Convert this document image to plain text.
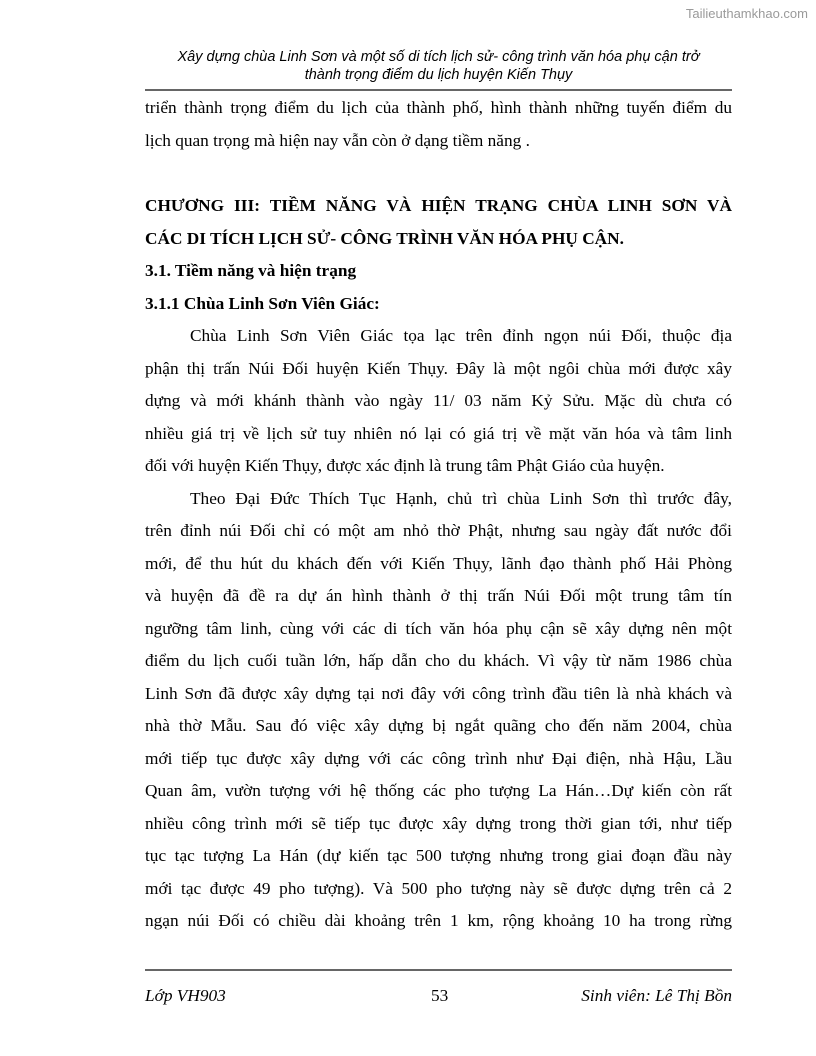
Tailieuthamkhao.com
Xây dựng chùa Linh Sơn và một số di tích lịch sử- công trình văn hóa phụ cận trở
thành trọng điểm du lịch huyện Kiến Thụy
triển thành trọng điểm du lịch của thành phố, hình thành những tuyến điểm du
lịch quan trọng mà hiện nay vẫn còn ở dạng tiềm năng .
CHƯƠNG III: TIỀM NĂNG VÀ HIỆN TRẠNG CHÙA LINH SƠN VÀ
CÁC DI TÍCH LỊCH SỬ- CÔNG TRÌNH VĂN HÓA PHỤ CẬN.
3.1. Tiềm năng và hiện trạng
3.1.1 Chùa Linh Sơn Viên Giác:
Chùa Linh Sơn Viên Giác tọa lạc trên đỉnh ngọn núi Đối, thuộc địa
phận thị trấn Núi Đối huyện Kiến Thụy. Đây là một ngôi chùa mới được xây
dựng và mới khánh thành vào ngày 11/ 03 năm Kỷ Sửu. Mặc dù chưa có
nhiều giá trị về lịch sử tuy nhiên nó lại có giá trị về mặt văn hóa và tâm linh
đối với huyện Kiến Thụy, được xác định là trung tâm Phật Giáo của huyện.
Theo Đại Đức Thích Tục Hạnh, chủ trì chùa Linh Sơn thì trước đây,
trên đỉnh núi Đối chỉ có một am nhỏ thờ Phật, nhưng sau ngày đất nước đổi
mới, để thu hút du khách đến với Kiến Thụy, lãnh đạo thành phố Hải Phòng
và huyện đã đề ra dự án hình thành ở thị trấn Núi Đối một trung tâm tín
ngưỡng tâm linh, cùng với các di tích văn hóa phụ cận sẽ xây dựng nên một
điểm du lịch cuối tuần lớn, hấp dẫn cho du khách. Vì vậy từ năm 1986 chùa
Linh Sơn đã được xây dựng tại nơi đây với công trình đầu tiên là nhà khách và
nhà thờ Mẫu. Sau đó việc xây dựng bị ngắt quãng cho đến năm 2004, chùa
mới tiếp tục được xây dựng với các công trình như Đại điện, nhà Hậu, Lầu
Quan âm, vườn tượng với hệ thống các pho tượng La Hán…Dự kiến còn rất
nhiều công trình mới sẽ tiếp tục được xây dựng trong thời gian tới, như tiếp
tục tạc tượng La Hán (dự kiến tạc 500 tượng nhưng trong giai đoạn đầu này
mới tạc được 49 pho tượng). Và 500 pho tượng này sẽ được dựng trên cả 2
ngạn núi Đối có chiều dài khoảng trên 1 km, rộng khoảng 10 ha trong rừng
Lớp VH903	53	Sinh viên: Lê Thị Bồn
